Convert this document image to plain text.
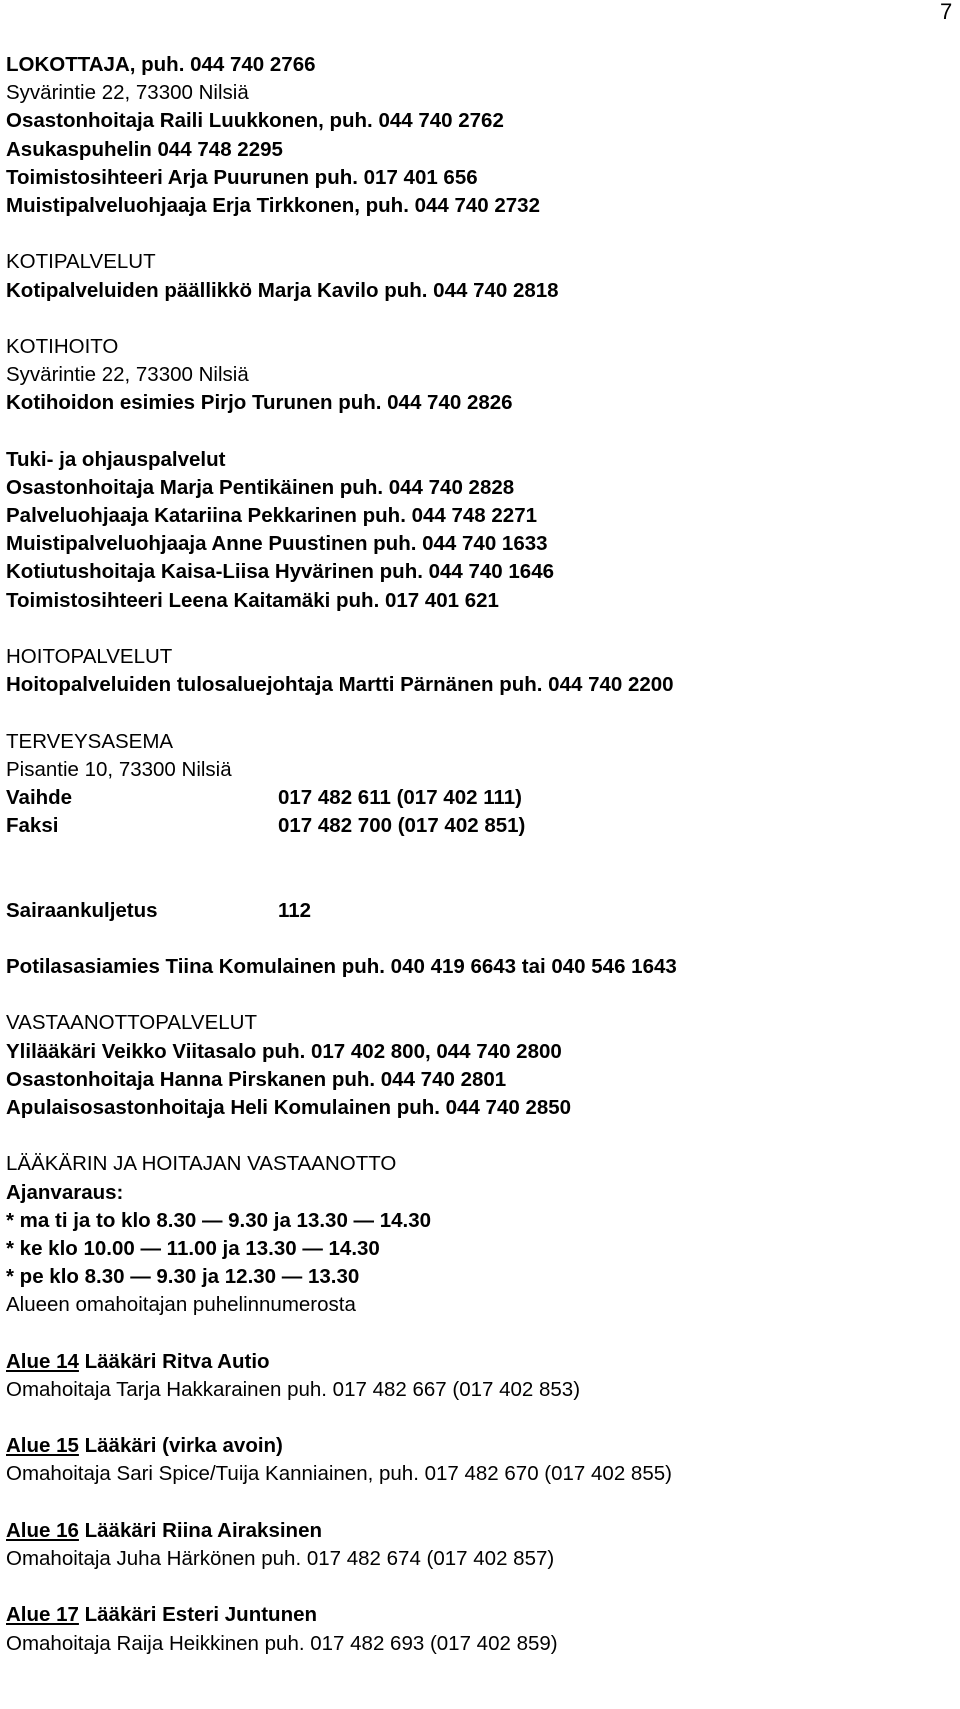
7
LOKOTTAJA, puh. 044 740 2766
Syvärintie 22, 73300 Nilsiä
Osastonhoitaja Raili Luukkonen, puh. 044 740 2762
Asukaspuhelin 044 748 2295
Toimistosihteeri Arja Puurunen puh. 017 401 656
Muistipalveluohjaaja Erja Tirkkonen, puh. 044 740 2732
KOTIPALVELUT
Kotipalveluiden päällikkö Marja Kavilo puh. 044 740 2818
KOTIHOITO
Syvärintie 22, 73300 Nilsiä
Kotihoidon esimies Pirjo Turunen puh. 044 740 2826
Tuki- ja ohjauspalvelut
Osastonhoitaja Marja Pentikäinen puh. 044 740 2828
Palveluohjaaja Katariina Pekkarinen puh. 044 748 2271
Muistipalveluohjaaja Anne Puustinen puh. 044 740 1633
Kotiutushoitaja Kaisa-Liisa Hyvärinen puh. 044 740 1646
Toimistosihteeri Leena Kaitamäki puh. 017 401 621
HOITOPALVELUT
Hoitopalveluiden tulosaluejohtaja Martti Pärnänen puh. 044 740 2200
TERVEYSASEMA
Pisantie 10, 73300 Nilsiä
Vaihde	017 482 611 (017 402 111)
Faksi	017 482 700 (017 402 851)
Sairaankuljetus	112
Potilasasiamies Tiina Komulainen puh. 040 419 6643 tai 040 546 1643
VASTAANOTTOPALVELUT
Ylilääkäri Veikko Viitasalo puh. 017 402 800, 044 740 2800
Osastonhoitaja Hanna Pirskanen puh. 044 740 2801
Apulaisosastonhoitaja Heli Komulainen puh. 044 740 2850
LÄÄKÄRIN JA HOITAJAN VASTAANOTTO
Ajanvaraus:
* ma ti ja to klo 8.30 — 9.30 ja 13.30 — 14.30
* ke klo 10.00 — 11.00 ja 13.30 — 14.30
* pe klo 8.30 — 9.30 ja 12.30 — 13.30
Alueen omahoitajan puhelinnumerosta
Alue 14 Lääkäri Ritva Autio
Omahoitaja Tarja Hakkarainen puh. 017 482 667 (017 402 853)
Alue 15 Lääkäri (virka avoin)
Omahoitaja Sari Spice/Tuija Kanniainen, puh. 017 482 670 (017 402 855)
Alue 16 Lääkäri Riina Airaksinen
Omahoitaja Juha Härkönen puh. 017 482 674 (017 402 857)
Alue 17 Lääkäri Esteri Juntunen
Omahoitaja Raija Heikkinen puh. 017 482 693 (017 402 859)
